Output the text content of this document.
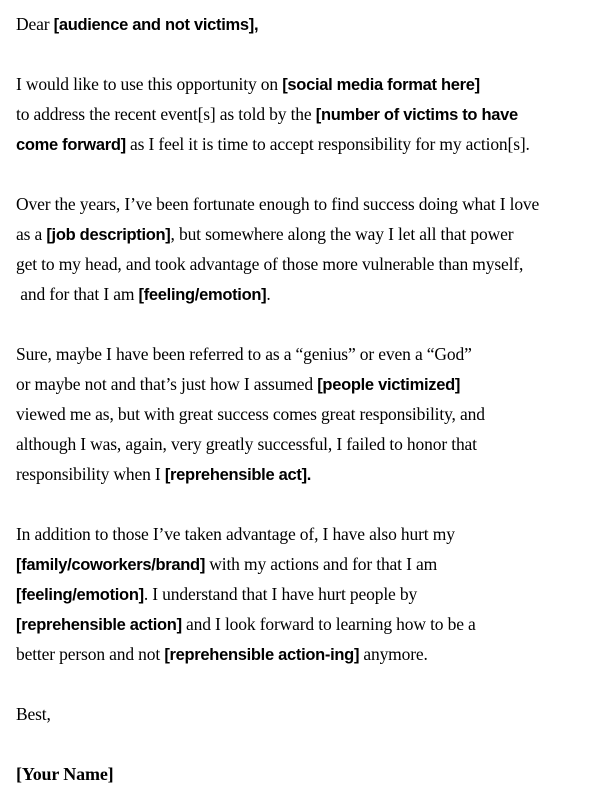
Dear [audience and not victims],
I would like to use this opportunity on [social media format here]
to address the recent event[s] as told by the [number of victims to have
come forward] as I feel it is time to accept responsibility for my action[s].
Over the years, I’ve been fortunate enough to find success doing what I love
as a [job description], but somewhere along the way I let all that power
get to my head, and took advantage of those more vulnerable than myself,
and for that I am [feeling/emotion].
Sure, maybe I have been referred to as a “genius” or even a “God”
or maybe not and that’s just how I assumed [people victimized]
viewed me as, but with great success comes great responsibility, and
although I was, again, very greatly successful, I failed to honor that
responsibility when I [reprehensible act].
In addition to those I’ve taken advantage of, I have also hurt my
[family/coworkers/brand] with my actions and for that I am
[feeling/emotion]. I understand that I have hurt people by
[reprehensible action] and I look forward to learning how to be a
better person and not [reprehensible action-ing] anymore.
Best,
[Your Name]
